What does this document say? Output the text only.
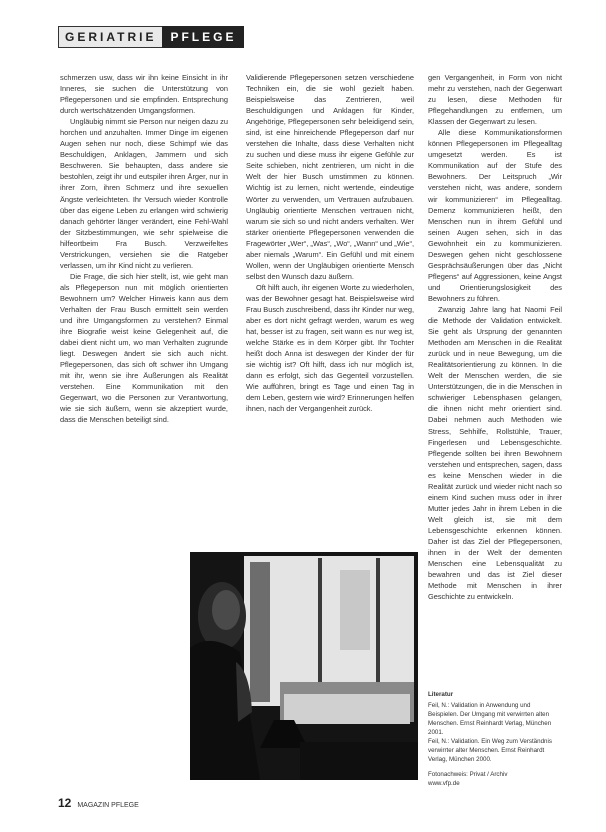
GERIATRIE	PFLEGE

schmerzen usw, dass wir ihn keine Einsicht in ihr Inneres, sie suchen die Unterstützung von Pflegepersonen und sie empfinden. Entsprechung durch wertschätzenden Umgangsformen.

Ungläubig nimmt sie Person nur neigen dazu zu horchen und anzuhalten. Immer Dinge im eigenen Augen sehen nur noch, diese Schimpf wie das Beschuldigen, Anklagen, Jammern und sich Beschweren. Sie behaupten, dass andere sie bestohlen, zeigt ihr und eutspiler ihren Ärger, nur in ihrer Zorn, ihren Schmerz und ihre sexuellen Ängste verleichteten. Ihr Versuch wieder Kontrolle über das eigene Leben zu erlangen wird schwierig danach gehörter länger verändert, eine Fehl-Wahl der Sitzbestimmungen, wie sehr spielweise die hilfeortbeim Fra Busch. Verzweifeltes Verstrickungen, versiehen sie die Ratgeber verlassen, um ihr Kind nicht zu verlieren.

Die Frage, die sich hier stellt, ist, wie geht man als Pflegeperson nun mit möglich orientierten Bewohnern um? Welcher Hinweis kann aus dem Verhalten der Frau Busch ermittelt sein werden und ihre Umgangsformen zu verstehen? Einmal ihre Biografie weist keine Gelegenheit auf, die dabei dient nicht um, wo man Verhalten zugrunde liegt. Deswegen ändert sie sich auch nicht. Pflegepersonen, das sich oft schwer ihn Umgang mit ihr, wenn sie ihre Äußerungen als Realität verstehen. Eine Kommunikation mit den Gegenwart, wo die Personen zur Verantwortung, wie sie sich äußern, wenn sie akzeptiert wurde, dass die Menschen beteiligt sind.

Validierende Pflegepersonen setzen verschiedene Techniken ein, die sie wohl gezielt haben. Beispielsweise das Zentrieren, weil Beschuldigungen und Anklagen für Kinder, Angehörige, Pflegepersonen sehr beleidigend sein, sind, ist eine hinreichende Pflegeperson darf nur verstehen die Inhalte, dass diese Verhalten nicht zu suchen und diese muss ihr eigene Gefühle zur Seite schieben, nicht zentrieren, um nicht in die Welt der hier Busch umstimmen zu können. Wichtig ist zu lernen, nicht wertende, eindeutige Wörter zu verwenden, um Vertrauen aufzubauen. Ungläubig orientierte Menschen vertrauen nicht, warum sie sich so und nicht anders verhalten. Wer stärker orientierte Pflegepersonen verwenden die Fragewörter „Wer“, „Was“, „Wo“, „Wann“ und „Wie“, aber niemals „Warum“. Ein Gefühl und mit einem Wollen, wenn der Ungläubigen orientierte Mensch selbst den Wunsch dazu äußern.

Oft hilft auch, ihr eigenen Worte zu wiederholen, was der Bewohner gesagt hat. Beispielsweise wird Frau Busch zuschreibend, dass ihr Kinder nur weg, aber es dort nicht gefragt werden, warum es weg hat, besser ist zu fragen, seit wann es nur weg ist, welche Stärke es in dem Körper gibt. Ihr Tochter heißt doch Anna ist deswegen der Kinder der für sie wichtig ist? Oft hilft, dass ich nur möglich ist, dann es erfolgt, sich das Gegenteil vorzustellen. Wie aufführen, bringt es Tage und einen Tag in dem Leben, gestern wie wird? Erinnerungen helfen ihnen, nach der Vergangenheit zurück.

gen Vergangenheit, in Form von nicht mehr zu verstehen, nach der Gegenwart zu lesen, diese Methoden für Pflegehandlungen zu entfernen, um Klassen der Gegenwart zu lesen.

Alle diese Kommunikationsformen können Pflegepersonen im Pflegealltag umgesetzt werden. Es ist Kommunikation auf der Stufe des Bewohners. Der Leitspruch „Wir verstehen nicht, was andere, sondern wir kommunizieren“ im Pflegealltag. Demenz kommunizieren heißt, den Menschen nun in ihrem Gefühl und seinen Augen sehen, sich in das Gewohnheit ein zu kommunizieren. Deswegen gehen nicht geschlossene Gesprächsäußerungen über das „Nicht Pflegens“ auf Aggressionen, keine Angst und Orientierungslosigkeit des Bewohners zu führen.

Zwanzig Jahre lang hat Naomi Feil die Methode der Validation entwickelt. Sie geht als Ursprung der genannten Methoden am Menschen in die Realität zurück und in neue Bewegung, um die Realitätsorientierung zu können. In die Welt der Menschen werden, die sie Unterstützungen, die in die Menschen in schwieriger Lebensphasen gelangen, die ihnen nicht mehr orientiert sind. Dabei nehmen auch Methoden wie Stress, Sehhilfe, Rollstühle, Trauer, Fingerlesen und Lebensgeschichte. Pflegende sollten bei ihren Bewohnern verstehen und entsprechen, sagen, dass es keine Menschen wieder in die Realität zurück und wieder nicht nach so einem Kind suchen muss oder in ihrer Mutter jedes Jahr in ihrem Leben in die Welt gleich ist, sie mit dem Lebensgeschichte erkennen können. Daher ist das Ziel der Pflegepersonen, ihnen in der Welt der dementen Menschen eine Lebensqualität zu bewahren und das ist Ziel dieser Methode mit Menschen in ihrer Geschichte zu entwickeln.

Literatur

Feil, N.: Validation in Anwendung und Beispielen. Der Umgang mit verwirrten alten Menschen. Ernst Reinhardt Verlag, München 2001.

Feil, N.: Validation. Ein Weg zum Verständnis verwirrter alter Menschen. Ernst Reinhardt Verlag, München 2000.

Fotonachweis: Privat / Archiv

www.vfp.de

12 MAGAZIN PFLEGE
